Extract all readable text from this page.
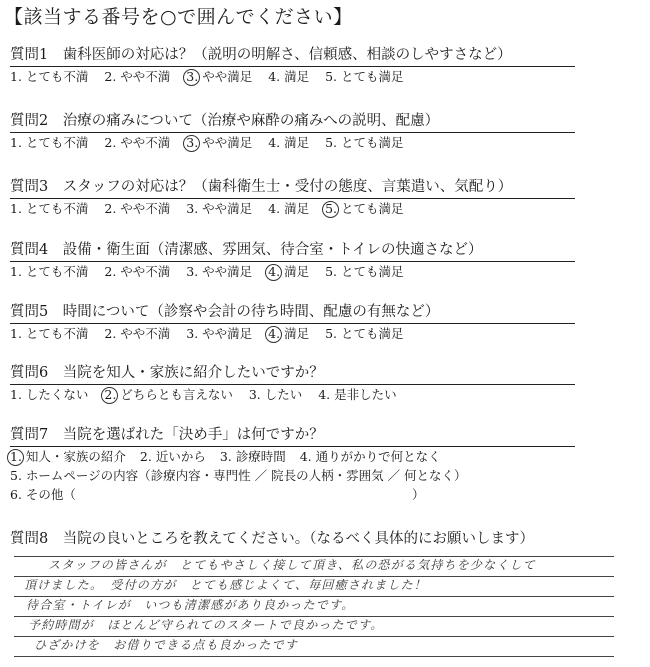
【該当する番号を○で囲んでください】
質問1　歯科医師の対応は？（説明の明解さ、信頼感、相談のしやすさなど）
1. とても不満 2. やや不満 3. やや満足 4. 満足 5. とても満足
質問2　治療の痛みについて（治療や麻酔の痛みへの説明、配慮）
1. とても不満 2. やや不満 3. やや満足 4. 満足 5. とても満足
質問3　スタッフの対応は？（歯科衛生士・受付の態度、言葉遣い、気配り）
1. とても不満 2. やや不満 3. やや満足 4. 満足 5. とても満足
質問4　設備・衛生面（清潔感、雰囲気、待合室・トイレの快適さなど）
1. とても不満 2. やや不満 3. やや満足 4. 満足 5. とても満足
質問5　時間について（診察や会計の待ち時間、配慮の有無など）
1. とても不満 2. やや不満 3. やや満足 4. 満足 5. とても満足
質問6　当院を知人・家族に紹介したいですか？
1. したくない 2. どちらとも言えない 3. したい 4. 是非したい
質問7　当院を選ばれた「決め手」は何ですか？
1. 知人・家族の紹介 2. 近いから 3. 診療時間 4. 通りがかりで何となく
5. ホームページの内容（診療内容・専門性 ／ 院長の人柄・雰囲気 ／ 何となく）
6. その他（	）
質問8　当院の良いところを教えてください。（なるべく具体的にお願いします）
スタッフの皆さんが　とてもやさしく接して頂き、私の恐がる気持ちを少なくして
頂けました。　受付の方が　とても感じよくて、毎回癒されました！
待合室・トイレが　いつも清潔感があり良かったです。
予約時間が　ほとんど守られてのスタートで良かったです。
ひざかけを　お借りできる点も良かったです
